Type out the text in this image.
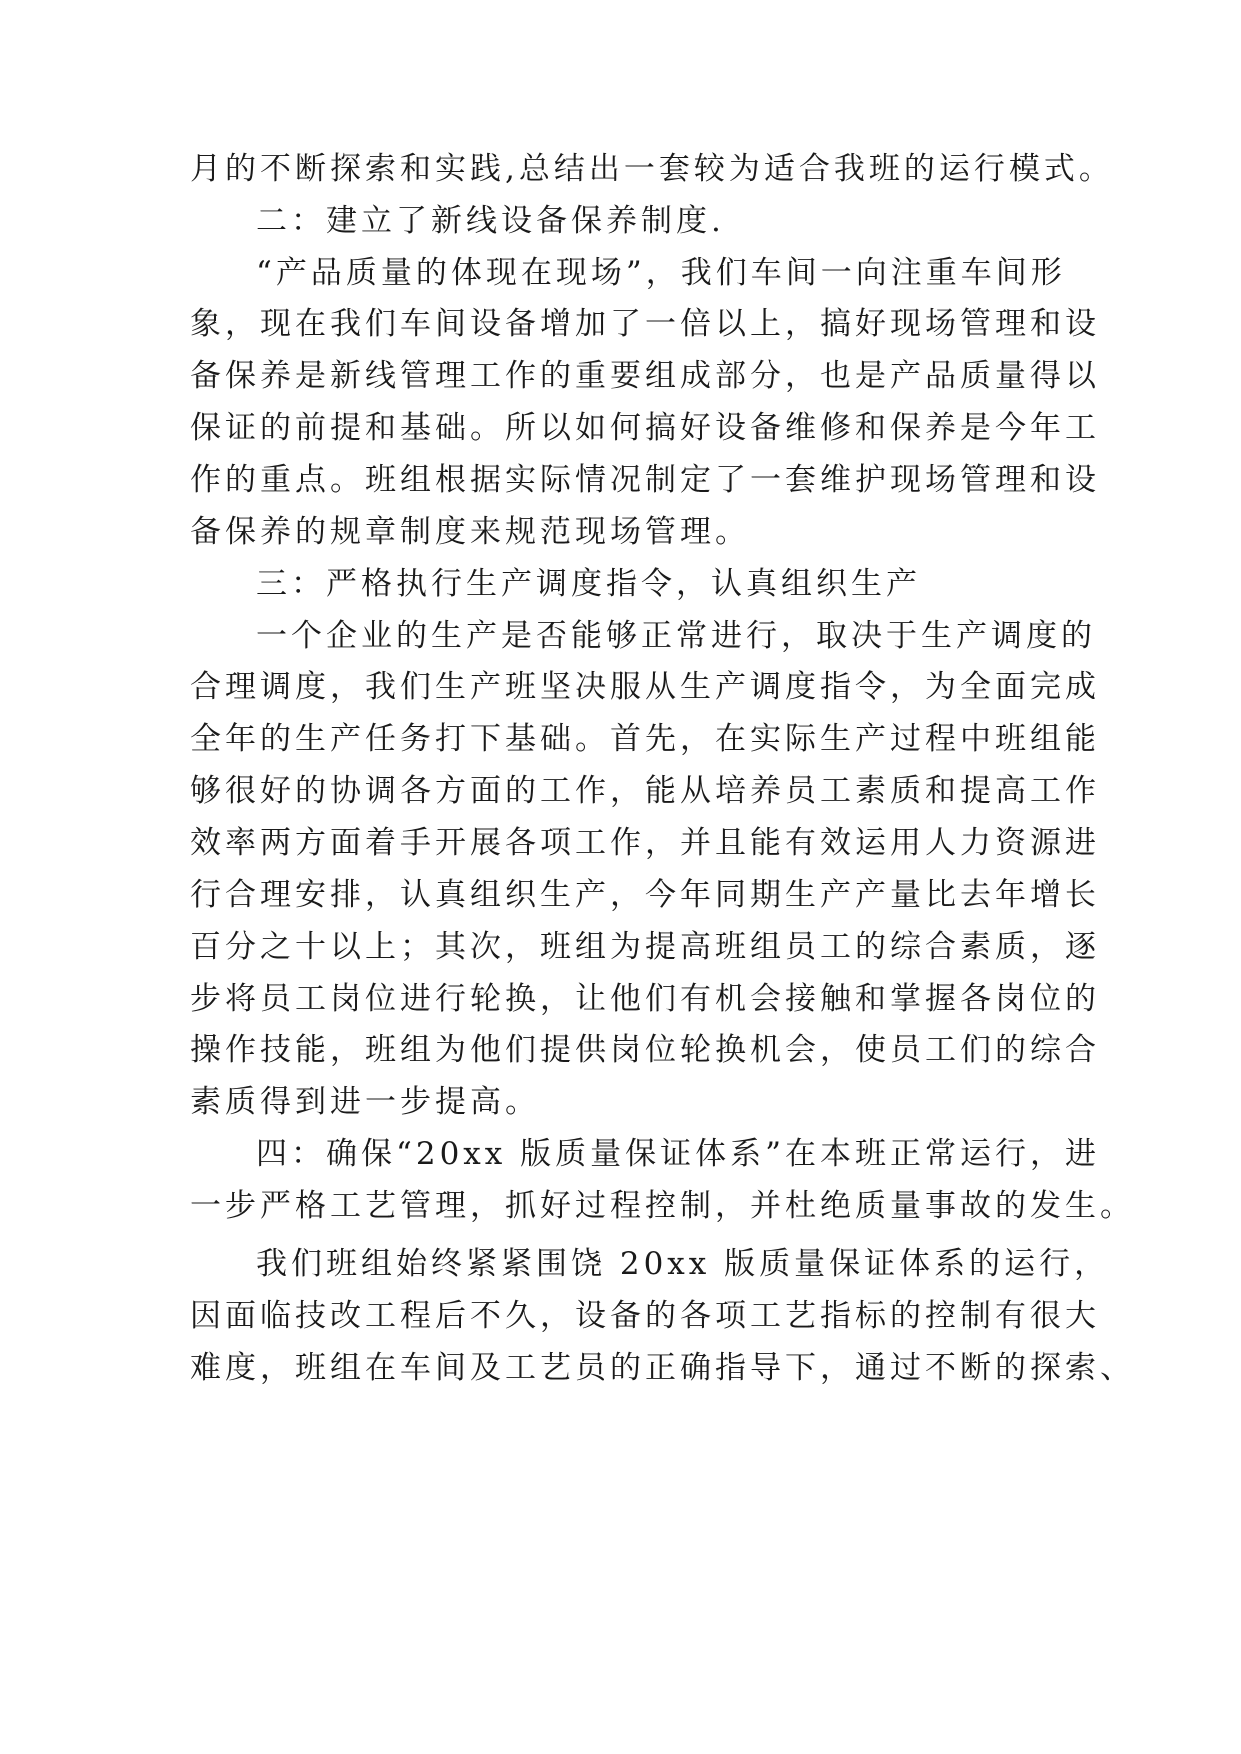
月的不断探索和实践,总结出一套较为适合我班的运行模式。
二：建立了新线设备保养制度.
“产品质量的体现在现场”，我们车间一向注重车间形
象，现在我们车间设备增加了一倍以上，搞好现场管理和设
备保养是新线管理工作的重要组成部分，也是产品质量得以
保证的前提和基础。所以如何搞好设备维修和保养是今年工
作的重点。班组根据实际情况制定了一套维护现场管理和设
备保养的规章制度来规范现场管理。
三：严格执行生产调度指令，认真组织生产
一个企业的生产是否能够正常进行，取决于生产调度的
合理调度，我们生产班坚决服从生产调度指令，为全面完成
全年的生产任务打下基础。首先，在实际生产过程中班组能
够很好的协调各方面的工作，能从培养员工素质和提高工作
效率两方面着手开展各项工作，并且能有效运用人力资源进
行合理安排，认真组织生产，今年同期生产产量比去年增长
百分之十以上；其次，班组为提高班组员工的综合素质，逐
步将员工岗位进行轮换，让他们有机会接触和掌握各岗位的
操作技能，班组为他们提供岗位轮换机会，使员工们的综合
素质得到进一步提高。
四：确保“20xx 版质量保证体系”在本班正常运行，进
一步严格工艺管理，抓好过程控制，并杜绝质量事故的发生。
我们班组始终紧紧围饶 20xx 版质量保证体系的运行，
因面临技改工程后不久，设备的各项工艺指标的控制有很大
难度，班组在车间及工艺员的正确指导下，通过不断的探索、
